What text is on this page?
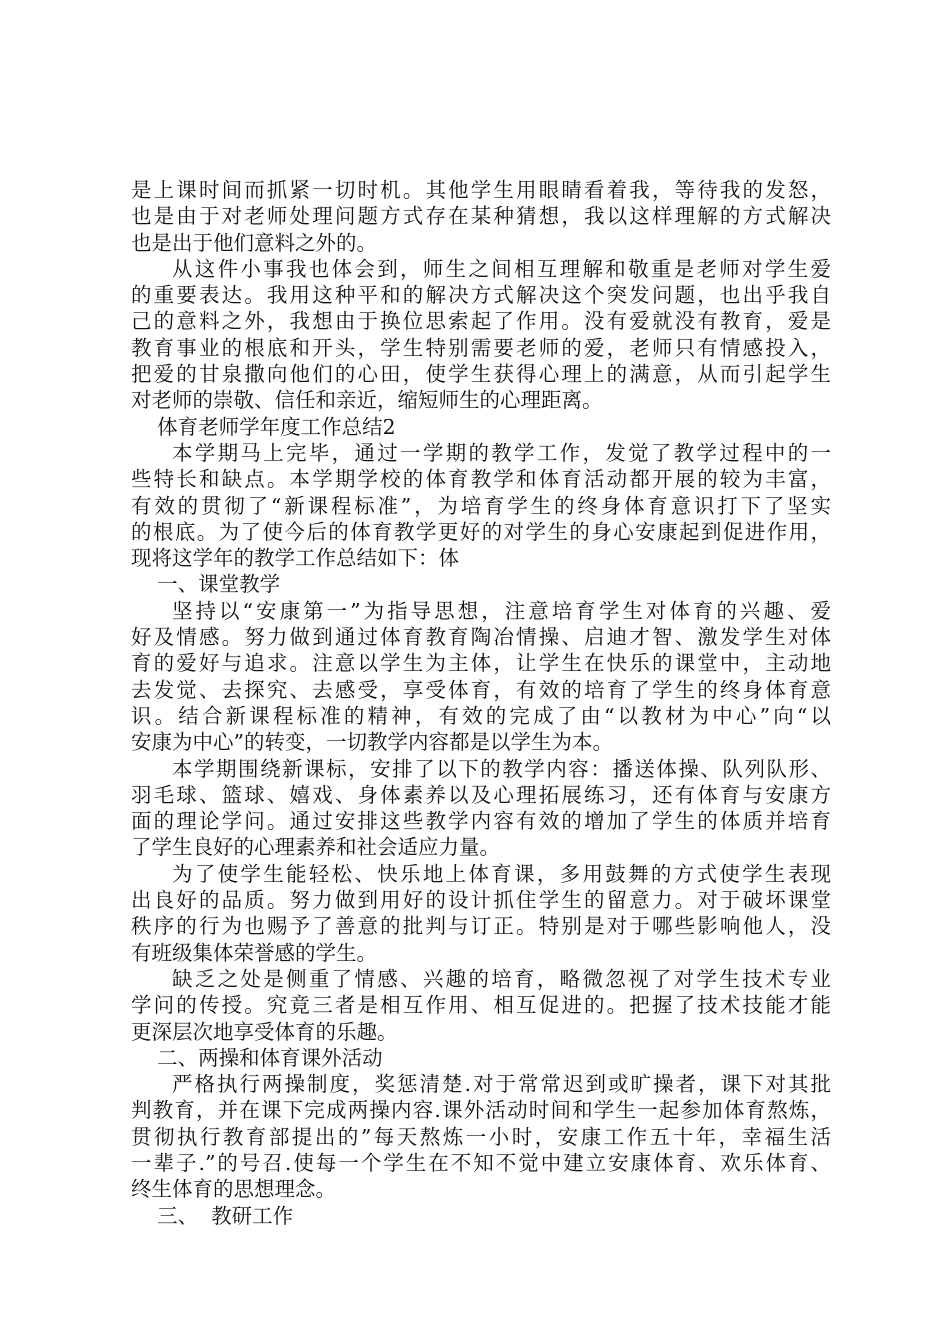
是上课时间而抓紧一切时机。其他学生用眼睛看着我，等待我的发怒，
也是由于对老师处理问题方式存在某种猜想，我以这样理解的方式解决
也是出于他们意料之外的。
从这件小事我也体会到，师生之间相互理解和敬重是老师对学生爱
的重要表达。我用这种平和的解决方式解决这个突发问题，也出乎我自
己的意料之外，我想由于换位思索起了作用。没有爱就没有教育，爱是
教育事业的根底和开头，学生特别需要老师的爱，老师只有情感投入，
把爱的甘泉撒向他们的心田，使学生获得心理上的满意，从而引起学生
对老师的崇敬、信任和亲近，缩短师生的心理距离。
体育老师学年度工作总结2
本学期马上完毕，通过一学期的教学工作，发觉了教学过程中的一
些特长和缺点。本学期学校的体育教学和体育活动都开展的较为丰富，
有效的贯彻了“新课程标准”，为培育学生的终身体育意识打下了坚实
的根底。为了使今后的体育教学更好的对学生的身心安康起到促进作用，
现将这学年的教学工作总结如下：体
一、课堂教学
坚持以“安康第一”为指导思想，注意培育学生对体育的兴趣、爱
好及情感。努力做到通过体育教育陶冶情操、启迪才智、激发学生对体
育的爱好与追求。注意以学生为主体，让学生在快乐的课堂中，主动地
去发觉、去探究、去感受，享受体育，有效的培育了学生的终身体育意
识。结合新课程标准的精神，有效的完成了由“以教材为中心”向“以
安康为中心”的转变，一切教学内容都是以学生为本。
本学期围绕新课标，安排了以下的教学内容：播送体操、队列队形、
羽毛球、篮球、嬉戏、身体素养以及心理拓展练习，还有体育与安康方
面的理论学问。通过安排这些教学内容有效的增加了学生的体质并培育
了学生良好的心理素养和社会适应力量。
为了使学生能轻松、快乐地上体育课，多用鼓舞的方式使学生表现
出良好的品质。努力做到用好的设计抓住学生的留意力。对于破坏课堂
秩序的行为也赐予了善意的批判与订正。特别是对于哪些影响他人，没
有班级集体荣誉感的学生。
缺乏之处是侧重了情感、兴趣的培育，略微忽视了对学生技术专业
学问的传授。究竟三者是相互作用、相互促进的。把握了技术技能才能
更深层次地享受体育的乐趣。
二、两操和体育课外活动
严格执行两操制度，奖惩清楚.对于常常迟到或旷操者，课下对其批
判教育，并在课下完成两操内容.课外活动时间和学生一起参加体育熬炼，
贯彻执行教育部提出的”每天熬炼一小时，安康工作五十年，幸福生活
一辈子.”的号召.使每一个学生在不知不觉中建立安康体育、欢乐体育、
终生体育的思想理念。
三、  教研工作
